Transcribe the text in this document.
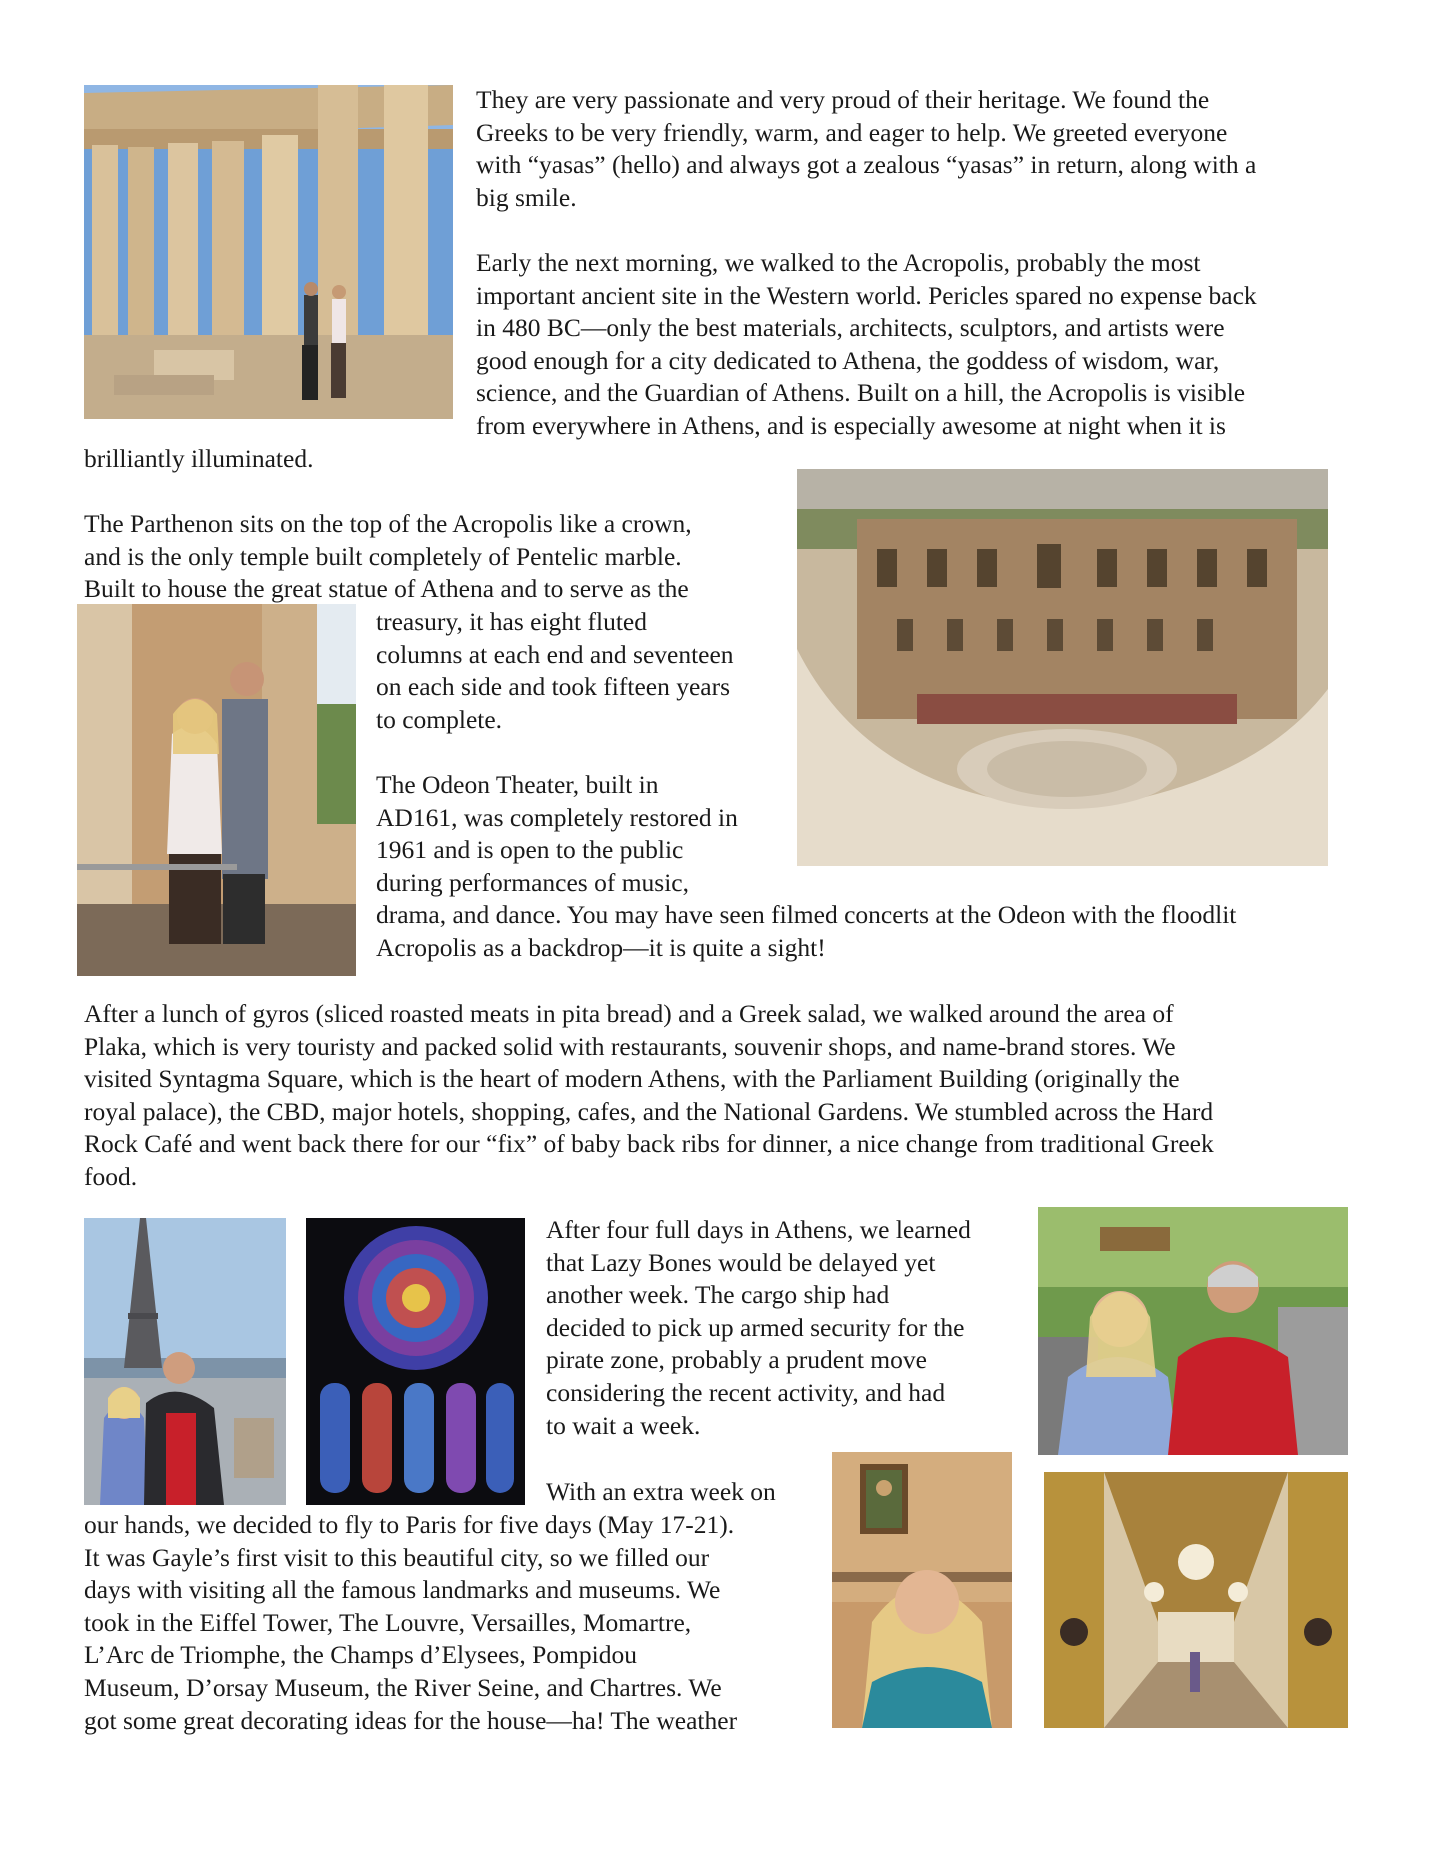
They are very passionate and very proud of their heritage. We found the
Greeks to be very friendly, warm, and eager to help. We greeted everyone
with “yasas” (hello) and always got a zealous “yasas” in return, along with a
big smile.

Early the next morning, we walked to the Acropolis, probably the most
important ancient site in the Western world. Pericles spared no expense back
in 480 BC—only the best materials, architects, sculptors, and artists were
good enough for a city dedicated to Athena, the goddess of wisdom, war,
science, and the Guardian of Athens. Built on a hill, the Acropolis is visible
from everywhere in Athens, and is especially awesome at night when it is

brilliantly illuminated.

The Parthenon sits on the top of the Acropolis like a crown,
and is the only temple built completely of Pentelic marble.
Built to house the great statue of Athena and to serve as the

treasury, it has eight fluted
columns at each end and seventeen
on each side and took fifteen years
to complete.

The Odeon Theater, built in
AD161, was completely restored in
1961 and is open to the public
during performances of music,
drama, and dance. You may have seen filmed concerts at the Odeon with the floodlit
Acropolis as a backdrop—it is quite a sight!

After a lunch of gyros (sliced roasted meats in pita bread) and a Greek salad, we walked around the area of
Plaka, which is very touristy and packed solid with restaurants, souvenir shops, and name-brand stores. We
visited Syntagma Square, which is the heart of modern Athens, with the Parliament Building (originally the
royal palace), the CBD, major hotels, shopping, cafes, and the National Gardens. We stumbled across the Hard
Rock Café and went back there for our “fix” of baby back ribs for dinner, a nice change from traditional Greek
food.

After four full days in Athens, we learned
that Lazy Bones would be delayed yet
another week. The cargo ship had
decided to pick up armed security for the
pirate zone, probably a prudent move
considering the recent activity, and had
to wait a week.

With an extra week on

our hands, we decided to fly to Paris for five days (May 17-21).
It was Gayle’s first visit to this beautiful city, so we filled our
days with visiting all the famous landmarks and museums. We
took in the Eiffel Tower, The Louvre, Versailles, Momartre,
L’Arc de Triomphe, the Champs d’Elysees, Pompidou
Museum, D’orsay Museum, the River Seine, and Chartres. We
got some great decorating ideas for the house—ha! The weather
